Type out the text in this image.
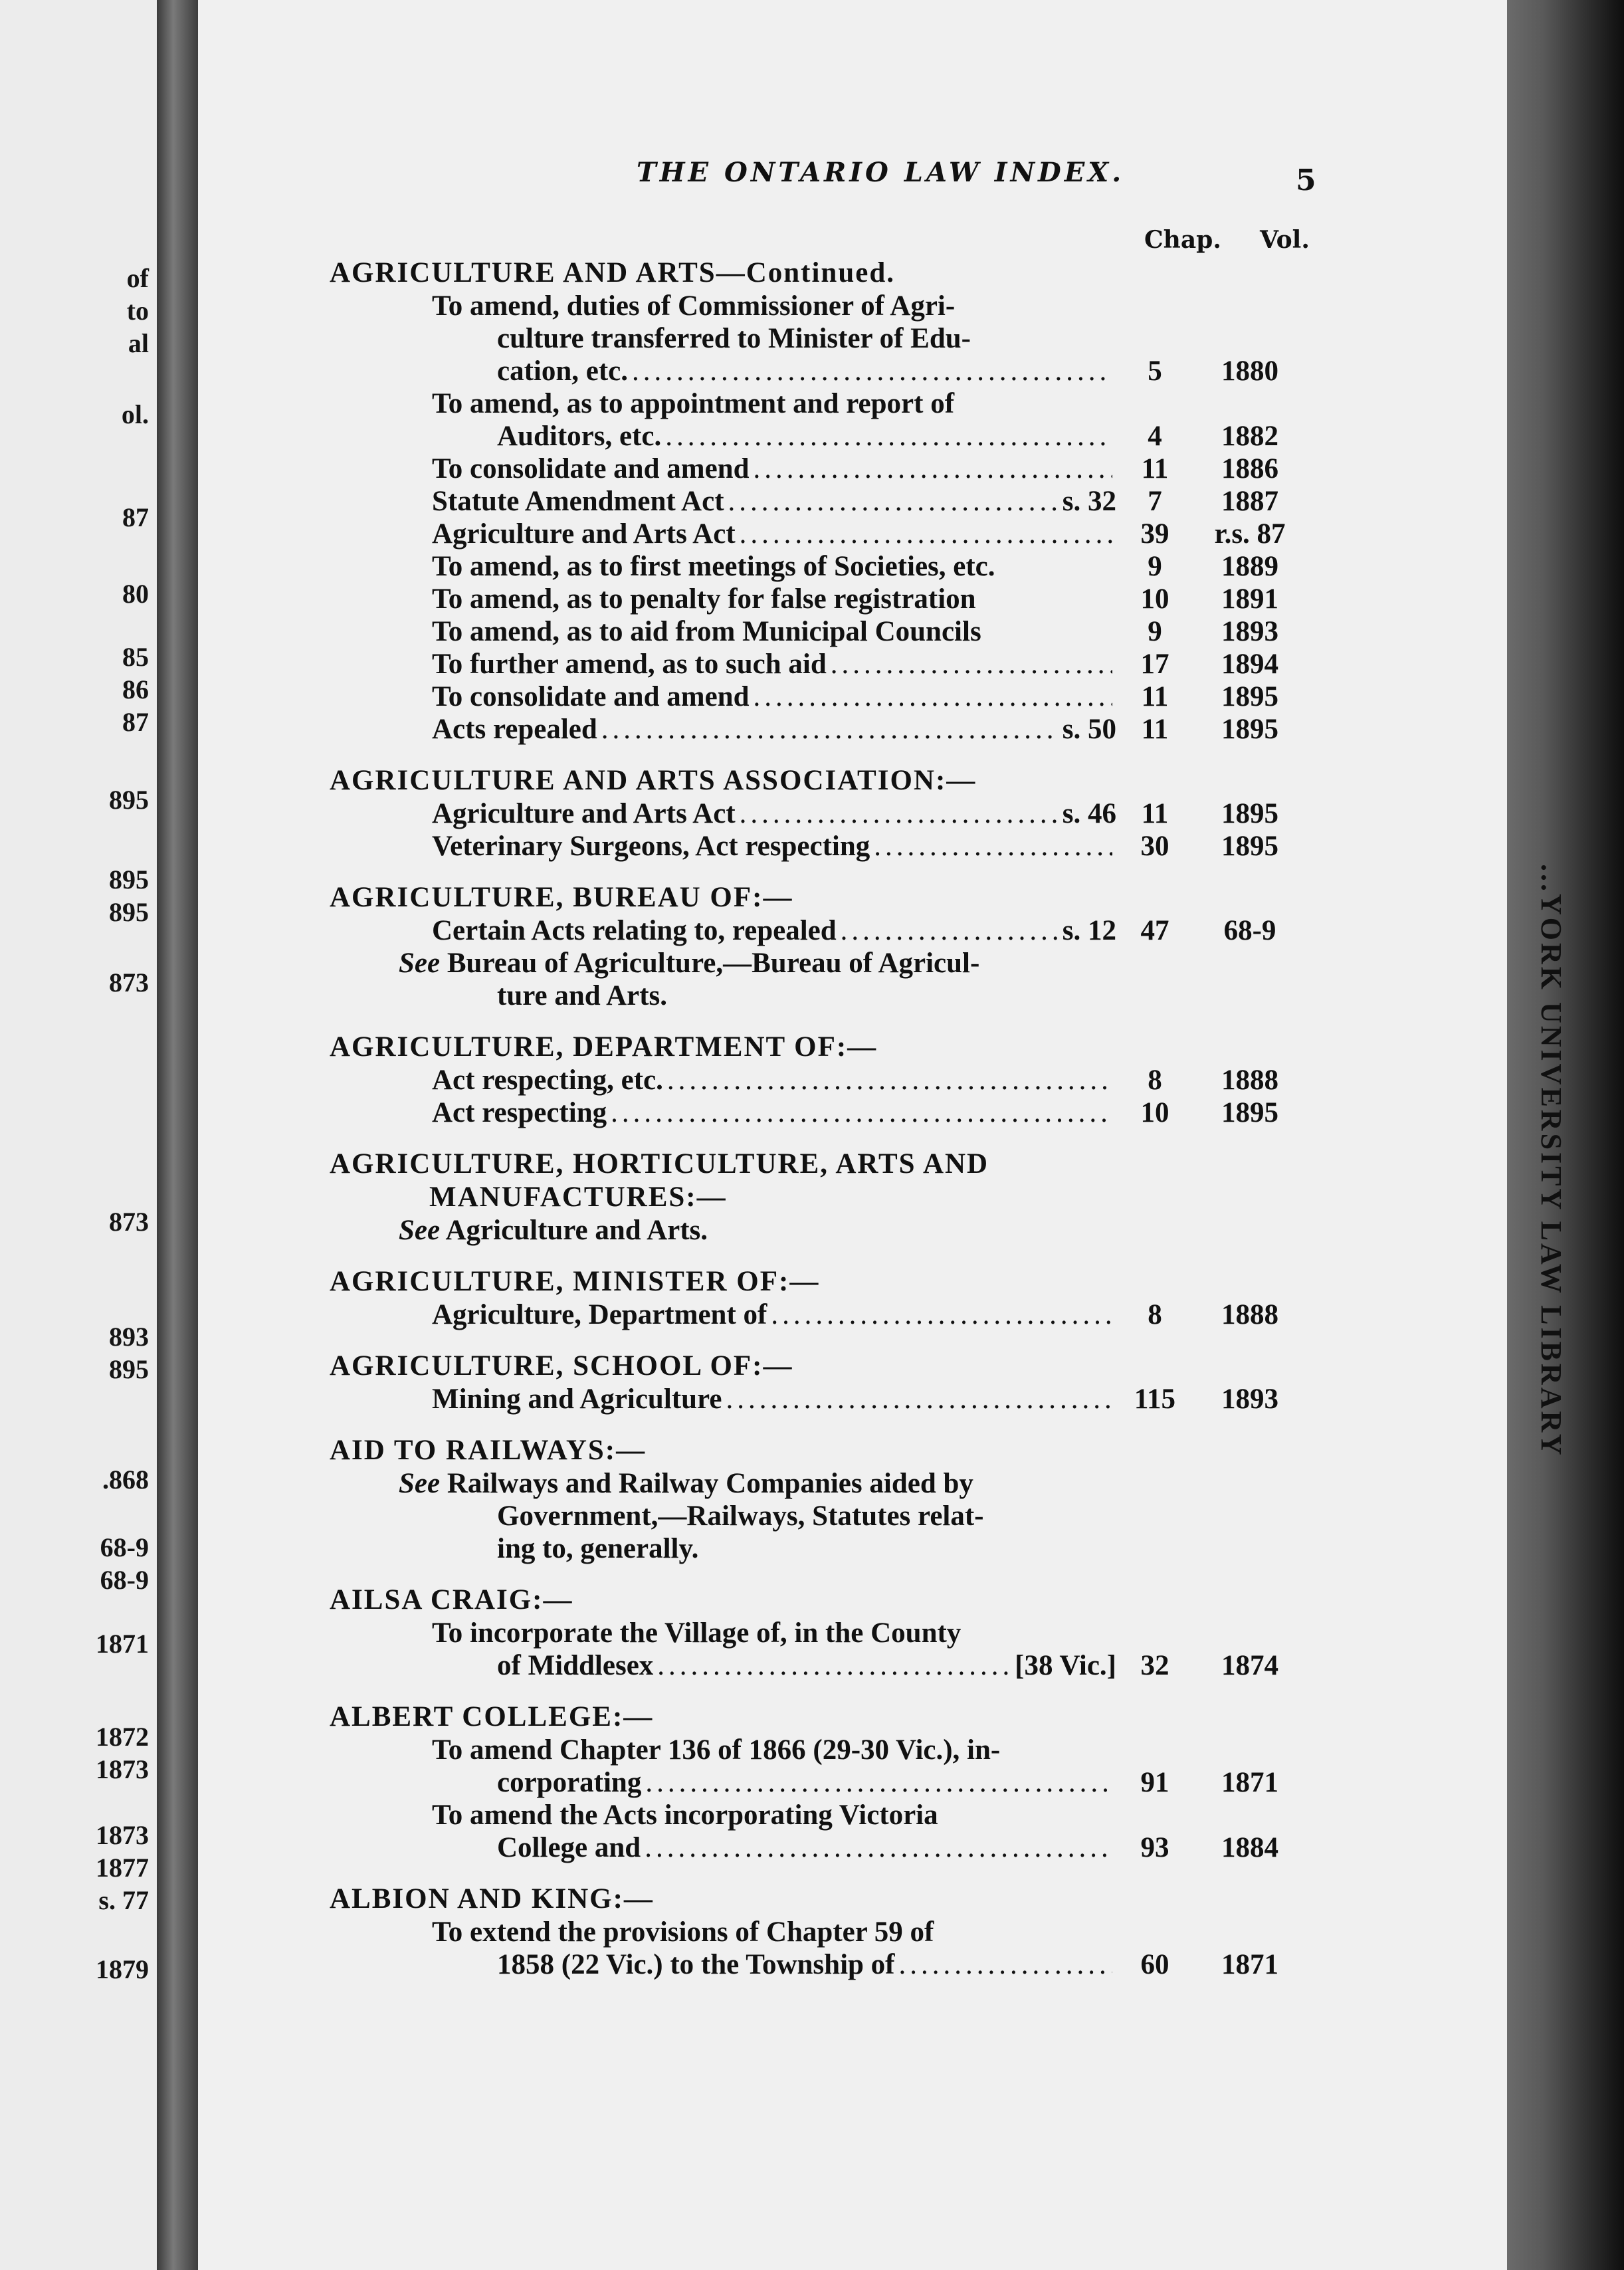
of
to
al
ol.
87
80
85
86
87
895
895
895
873
873
893
895
.868
68-9
68-9
1871
1872
1873
1873
1877
s. 77
1879
...YORK UNIVERSITY LAW LIBRARY
THE ONTARIO LAW INDEX.	5
Chap. Vol.
AGRICULTURE AND ARTS—Continued.
To amend, duties of Commissioner of Agri-
culture transferred to Minister of Edu-
cation, etc. .....	5	1880
To amend, as to appointment and report of
Auditors, etc. .....	4	1882
To consolidate and amend .....	11	1886
Statute Amendment Act .....	s. 32	7	1887
Agriculture and Arts Act .....	39	r.s. 87
To amend, as to first meetings of Societies, etc.	9	1889
To amend, as to penalty for false registration	10	1891
To amend, as to aid from Municipal Councils	9	1893
To further amend, as to such aid .....	17	1894
To consolidate and amend .....	11	1895
Acts repealed .....	s. 50 11	1895
AGRICULTURE AND ARTS ASSOCIATION:—
Agriculture and Arts Act .....	s. 46 11	1895
Veterinary Surgeons, Act respecting .....	30	1895
AGRICULTURE, BUREAU OF:—
Certain Acts relating to, repealed .....	s. 12 47	68-9
See Bureau of Agriculture,—Bureau of Agricul-
ture and Arts.
AGRICULTURE, DEPARTMENT OF:—
Act respecting, etc. .....	8	1888
Act respecting .....	10	1895
AGRICULTURE, HORTICULTURE, ARTS AND
MANUFACTURES:—
See Agriculture and Arts.
AGRICULTURE, MINISTER OF:—
Agriculture, Department of .....	8	1888
AGRICULTURE, SCHOOL OF:—
Mining and Agriculture .....	115	1893
AID TO RAILWAYS:—
See Railways and Railway Companies aided by
Government,—Railways, Statutes relat-
ing to, generally.
AILSA CRAIG:—
To incorporate the Village of, in the County
of Middlesex .....	[38 Vic.] 32	1874
ALBERT COLLEGE:—
To amend Chapter 136 of 1866 (29-30 Vic.), in-
corporating .....	91	1871
To amend the Acts incorporating Victoria
College and .....	93	1884
ALBION AND KING:—
To extend the provisions of Chapter 59 of
1858 (22 Vic.) to the Township of .....	60	1871
